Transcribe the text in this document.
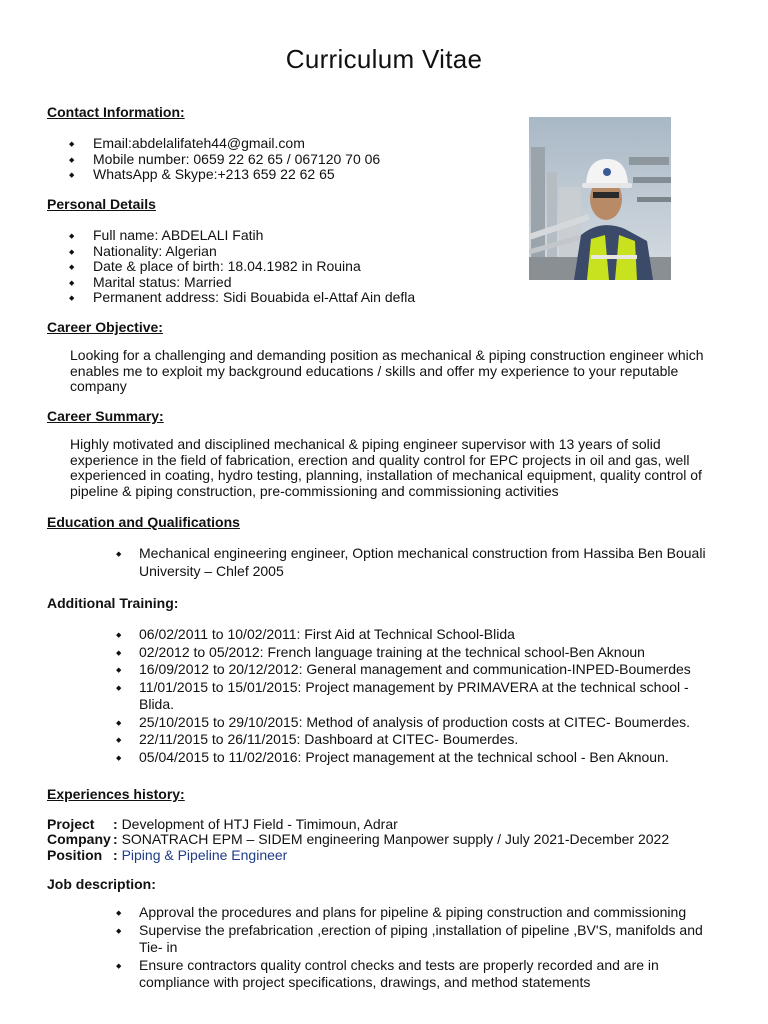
Curriculum Vitae
Contact Information:
◆ Email:abdelalifateh44@gmail.com
◆ Mobile number: 0659 22 62 65 / 067120 70 06
◆ WhatsApp & Skype:+213 659 22 62 65
Personal Details
◆ Full name: ABDELALI Fatih
◆ Nationality: Algerian
◆ Date & place of birth: 18.04.1982 in Rouina
◆ Marital status: Married
◆ Permanent address: Sidi Bouabida el-Attaf Ain defla
Career Objective:
Looking for a challenging and demanding position as mechanical & piping construction engineer which enables me to exploit my background educations / skills and offer my experience to your reputable company
Career Summary:
Highly motivated and disciplined mechanical & piping engineer supervisor with 13 years of solid experience in the field of fabrication, erection and quality control for EPC projects in oil and gas, well experienced in coating, hydro testing, planning, installation of mechanical equipment, quality control of pipeline & piping construction, pre-commissioning and commissioning activities
Education and Qualifications
◆ Mechanical engineering engineer, Option mechanical construction from Hassiba Ben Bouali University – Chlef 2005
Additional Training:
◆ 06/02/2011 to 10/02/2011: First Aid at Technical School-Blida
◆ 02/2012 to 05/2012: French language training at the technical school-Ben Aknoun
◆ 16/09/2012 to 20/12/2012: General management and communication-INPED-Boumerdes
◆ 11/01/2015 to 15/01/2015: Project management by PRIMAVERA at the technical school - Blida.
◆ 25/10/2015 to 29/10/2015: Method of analysis of production costs at CITEC- Boumerdes.
◆ 22/11/2015 to 26/11/2015: Dashboard at CITEC- Boumerdes.
◆ 05/04/2015 to 11/02/2016: Project management at the technical school - Ben Aknoun.
Experiences history:
Project : Development of HTJ Field - Timimoun, Adrar
Company : SONATRACH EPM – SIDEM engineering Manpower supply / July 2021-December 2022
Position : Piping & Pipeline Engineer
Job description:
◆ Approval the procedures and plans for pipeline & piping construction and commissioning
◆ Supervise the prefabrication ,erection of piping ,installation of pipeline ,BV'S, manifolds and Tie- in
◆ Ensure contractors quality control checks and tests are properly recorded and are in compliance with project specifications, drawings, and method statements
